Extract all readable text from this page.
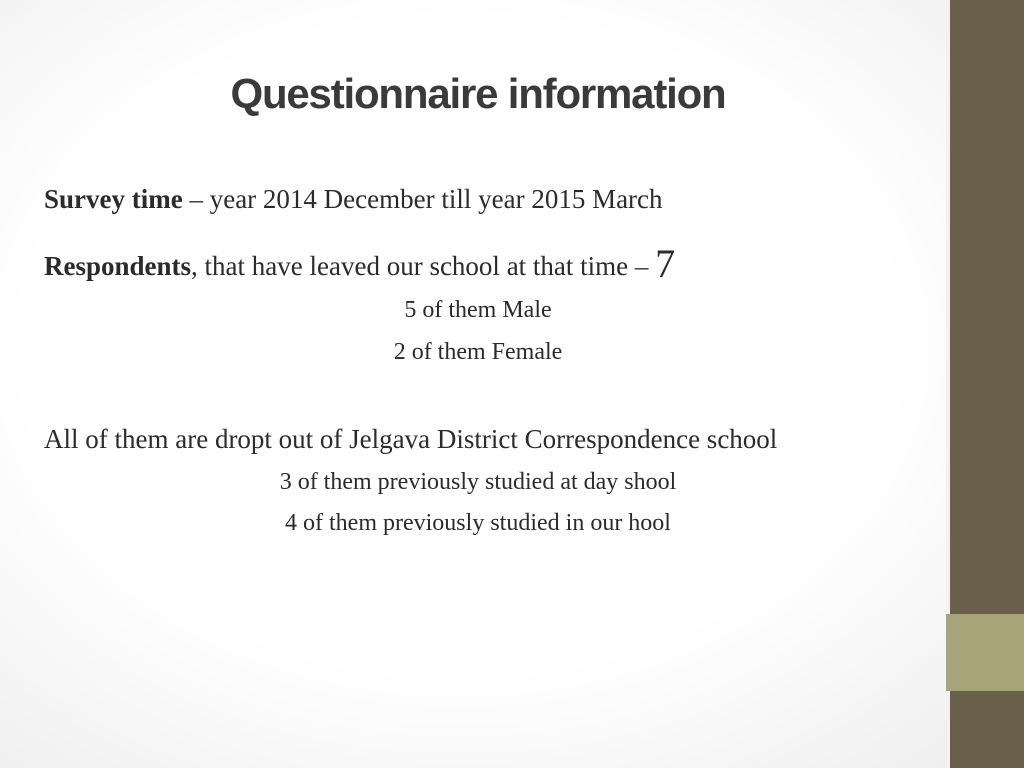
Questionnaire information
Survey time – year 2014 December till year 2015 March
Respondents, that have leaved our school at that time – 7
5 of them Male
2 of them Female
All of them are dropt out of Jelgava District Correspondence school
3 of them previously studied at day shool
4 of them previously studied in our hool
